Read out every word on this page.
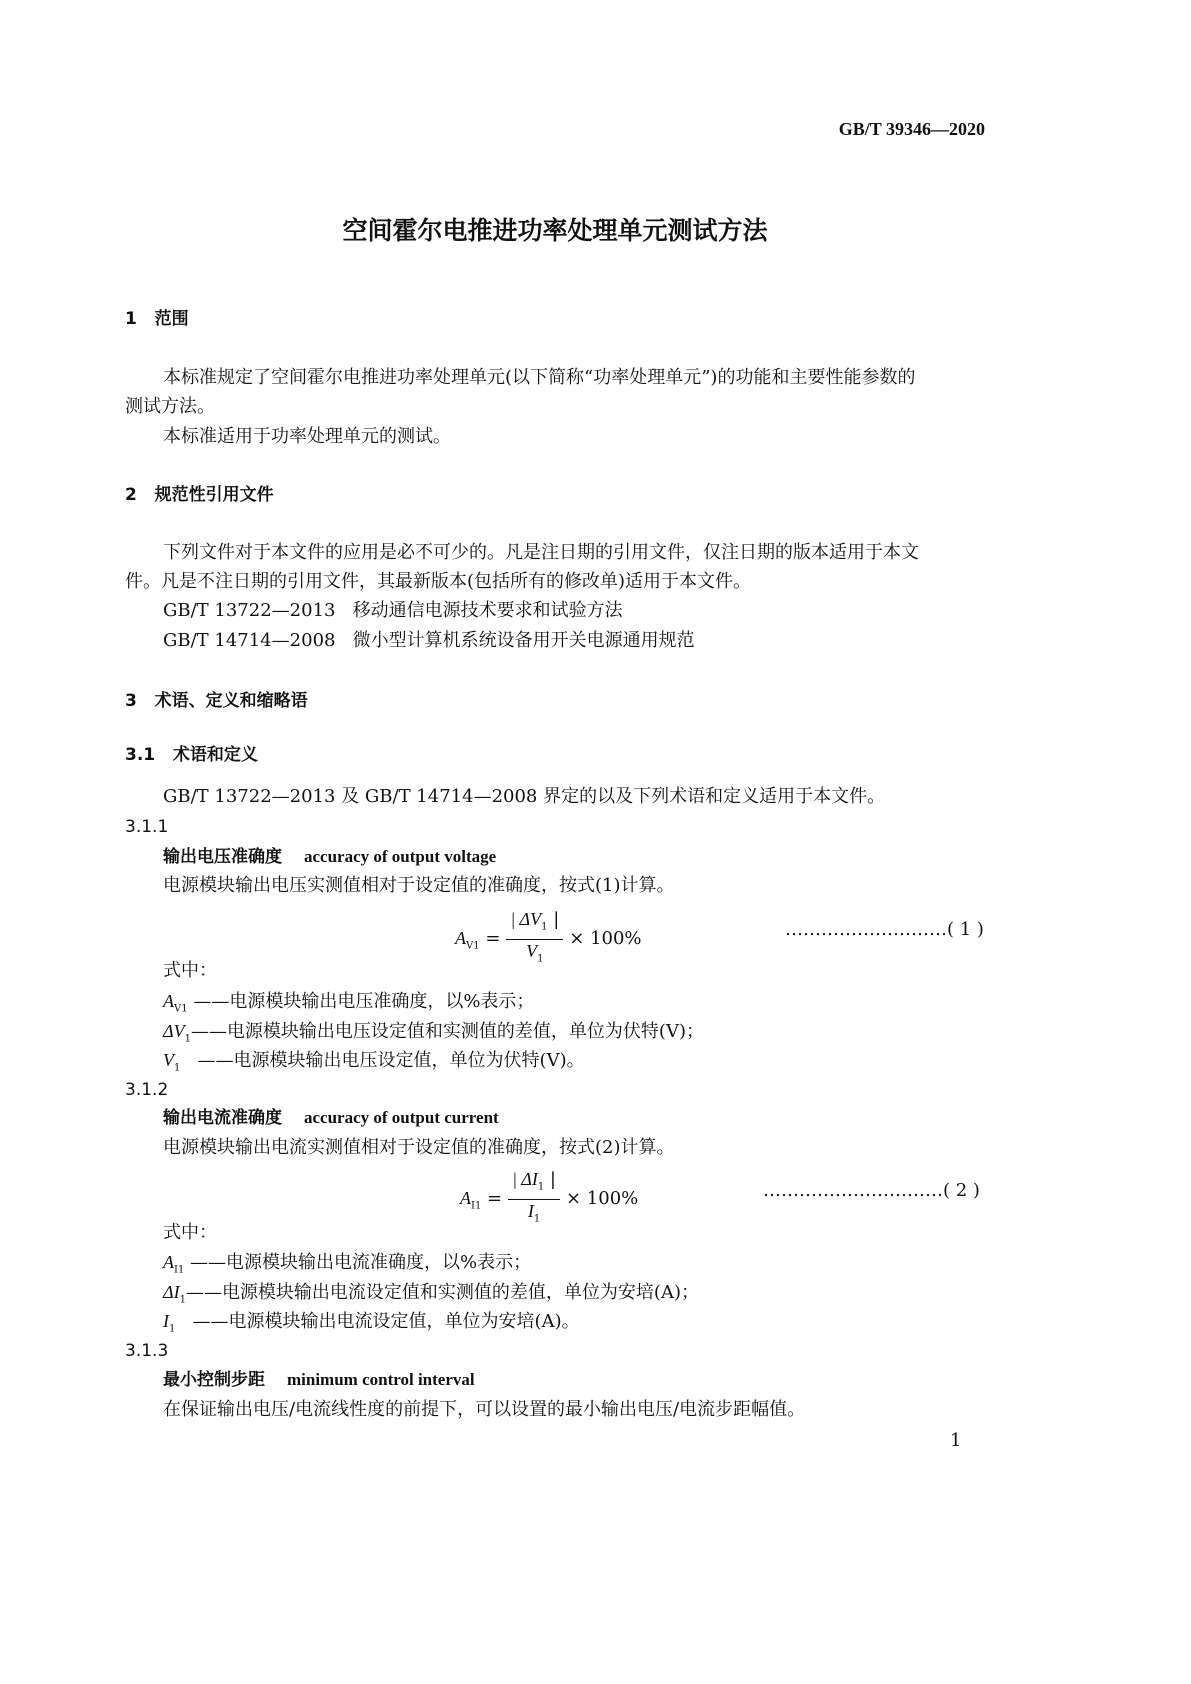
GB/T 39346—2020
空间霍尔电推进功率处理单元测试方法
1 范围
本标准规定了空间霍尔电推进功率处理单元(以下简称“功率处理单元”)的功能和主要性能参数的
测试方法。
本标准适用于功率处理单元的测试。
2 规范性引用文件
下列文件对于本文件的应用是必不可少的。凡是注日期的引用文件，仅注日期的版本适用于本文
件。凡是不注日期的引用文件，其最新版本(包括所有的修改单)适用于本文件。
GB/T 13722—2013 移动通信电源技术要求和试验方法
GB/T 14714—2008 微小型计算机系统设备用开关电源通用规范
3 术语、定义和缩略语
3.1 术语和定义
GB/T 13722—2013 及 GB/T 14714—2008 界定的以及下列术语和定义适用于本文件。
3.1.1
输出电压准确度 accuracy of output voltage
电源模块输出电压实测值相对于设定值的准确度，按式(1)计算。
$A_{V1} = \frac{| \Delta V_1 |}{V_1} \times 100\%$	………………………( 1 )
式中：
$A_{V1}$ ——电源模块输出电压准确度，以%表示；
$\Delta V_1——$电源模块输出电压设定值和实测值的差值，单位为伏特(V)；
$V_1$ ——电源模块输出电压设定值，单位为伏特(V)。
3.1.2
输出电流准确度 accuracy of output current
电源模块输出电流实测值相对于设定值的准确度，按式(2)计算。
$A_{I1} = \frac{| \Delta I_1 |}{I_1} \times 100\%$	…………………………( 2 )
式中：
$A_{I1}$ ——电源模块输出电流准确度，以%表示；
$\Delta I_1——$电源模块输出电流设定值和实测值的差值，单位为安培(A)；
$I_1$ ——电源模块输出电流设定值，单位为安培(A)。
3.1.3
最小控制步距 minimum control interval
在保证输出电压/电流线性度的前提下，可以设置的最小输出电压/电流步距幅值。
1
